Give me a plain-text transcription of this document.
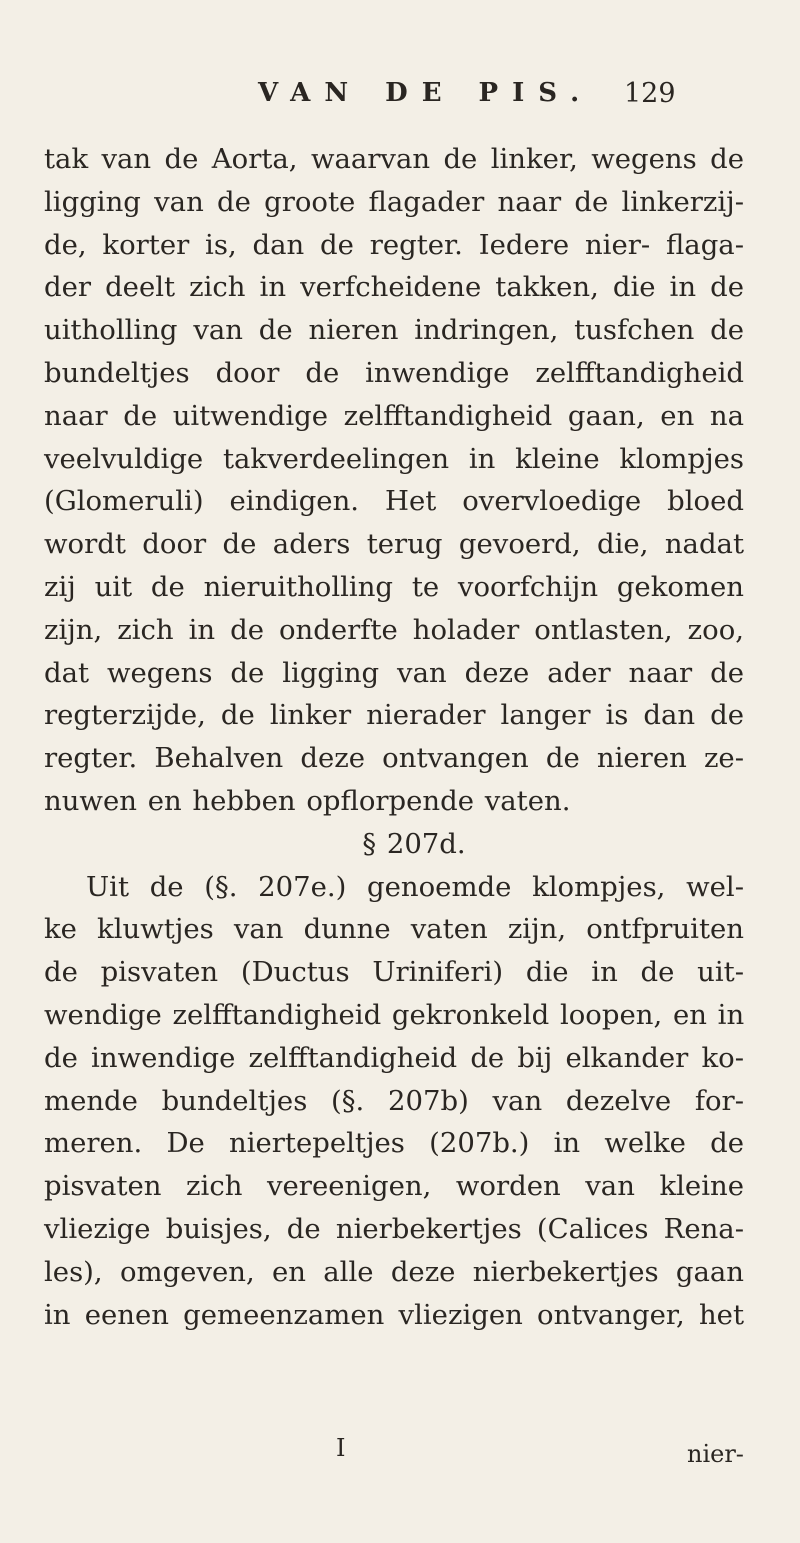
VAN DE PIS. 129
tak van de Aorta, waarvan de linker, wegens de
ligging van de groote flagader naar de linkerzij-
de, korter is, dan de regter. Iedere nier- flaga-
der deelt zich in verfcheidene takken, die in de
uitholling van de nieren indringen, tusfchen de
bundeltjes door de inwendige zelfftandigheid
naar de uitwendige zelfftandigheid gaan, en na
veelvuldige takverdeelingen in kleine klompjes
(Glomeruli) eindigen. Het overvloedige bloed
wordt door de aders terug gevoerd, die, nadat
zij uit de nieruitholling te voorfchijn gekomen
zijn, zich in de onderfte holader ontlasten, zoo,
dat wegens de ligging van deze ader naar de
regterzijde, de linker nierader langer is dan de
regter. Behalven deze ontvangen de nieren ze-
nuwen en hebben opflorpende vaten.
§ 207d.
Uit de (§. 207e.) genoemde klompjes, wel-
ke kluwtjes van dunne vaten zijn, ontfpruiten
de pisvaten (Ductus Uriniferi) die in de uit-
wendige zelfftandigheid gekronkeld loopen, en in
de inwendige zelfftandigheid de bij elkander ko-
mende bundeltjes (§. 207b) van dezelve for-
meren. De niertepeltjes (207b.) in welke de
pisvaten zich vereenigen, worden van kleine
vliezige buisjes, de nierbekertjes (Calices Rena-
les), omgeven, en alle deze nierbekertjes gaan
in eenen gemeenzamen vliezigen ontvanger, het
I	nier-
